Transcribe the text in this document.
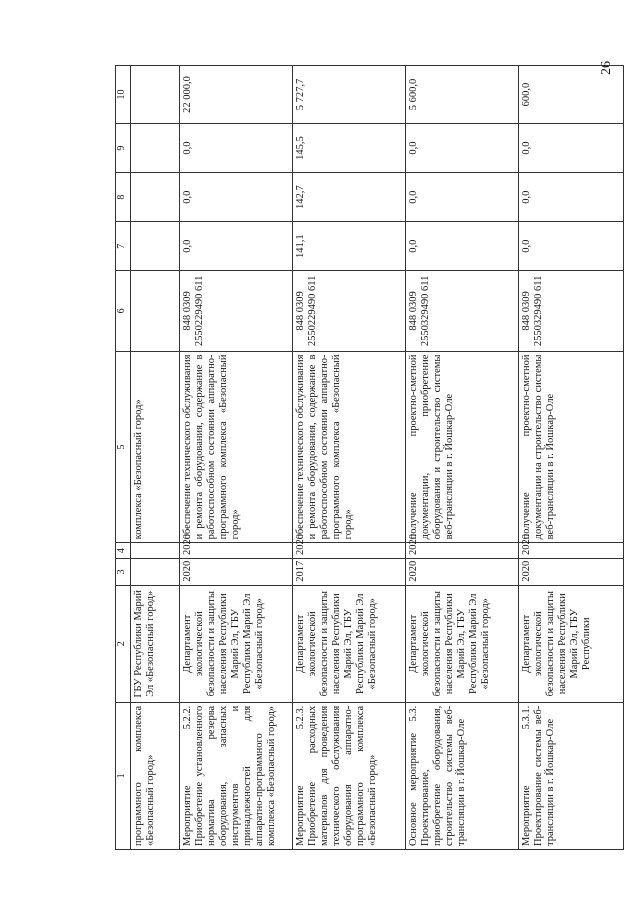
26
1	2	3	4	5	6	7	8	9	10
программного комплекса «Безопасный город»	ГБУ Республики Марий Эл «Безопасный город»			комплекса «Безопасный город»					
Мероприятие 5.2.2. Приобретение установленного норматива резерва оборудования, запасных инструментов и принадлежностей для аппаратно-программного комплекса «Безопасный город»	Департамент экологической безопасности и защиты населения Республики Марий Эл, ГБУ Республики Марий Эл «Безопасный город»	2020	2020	обеспечение технического обслуживания и ремонта оборудования, содержание в работоспособном состоянии аппаратно-программного комплекса «Безопасный город»	848 0309 2550229490 611	0,0	0,0	0,0	22 000,0
Мероприятие 5.2.3. Приобретение расходных материалов для проведения технического обслуживания оборудования аппаратно-программного комплекса «Безопасный город»	Департамент экологической безопасности и защиты населения Республики Марий Эл, ГБУ Республики Марий Эл «Безопасный город»	2017	2020	обеспечение технического обслуживания и ремонта оборудования, содержание в работоспособном состоянии аппаратно-программного комплекса «Безопасный город»	848 0309 2550229490 611	141,1	142,7	145,5	5 727,7
Основное мероприятие 5.3. Проектирование, приобретение оборудования, строительство системы веб-трансляции в г. Йошкар-Оле	Департамент экологической безопасности и защиты населения Республики Марий Эл, ГБУ Республики Марий Эл «Безопасный город»	2020	2020	получение проектно-сметной документации, приобретение оборудования и строительство системы веб-трансляции в г. Йошкар-Оле	848 0309 2550329490 611	0,0	0,0	0,0	5 600,0
Мероприятие 5.3.1. Проектирование системы веб-трансляции в г. Йошкар-Оле	Департамент экологической безопасности и защиты населения Республики Марий Эл, ГБУ Республики	2020	2020	получение проектно-сметной документации на строительство системы веб-трансляции в г. Йошкар-Оле	848 0309 2550329490 611	0,0	0,0	0,0	600,0
